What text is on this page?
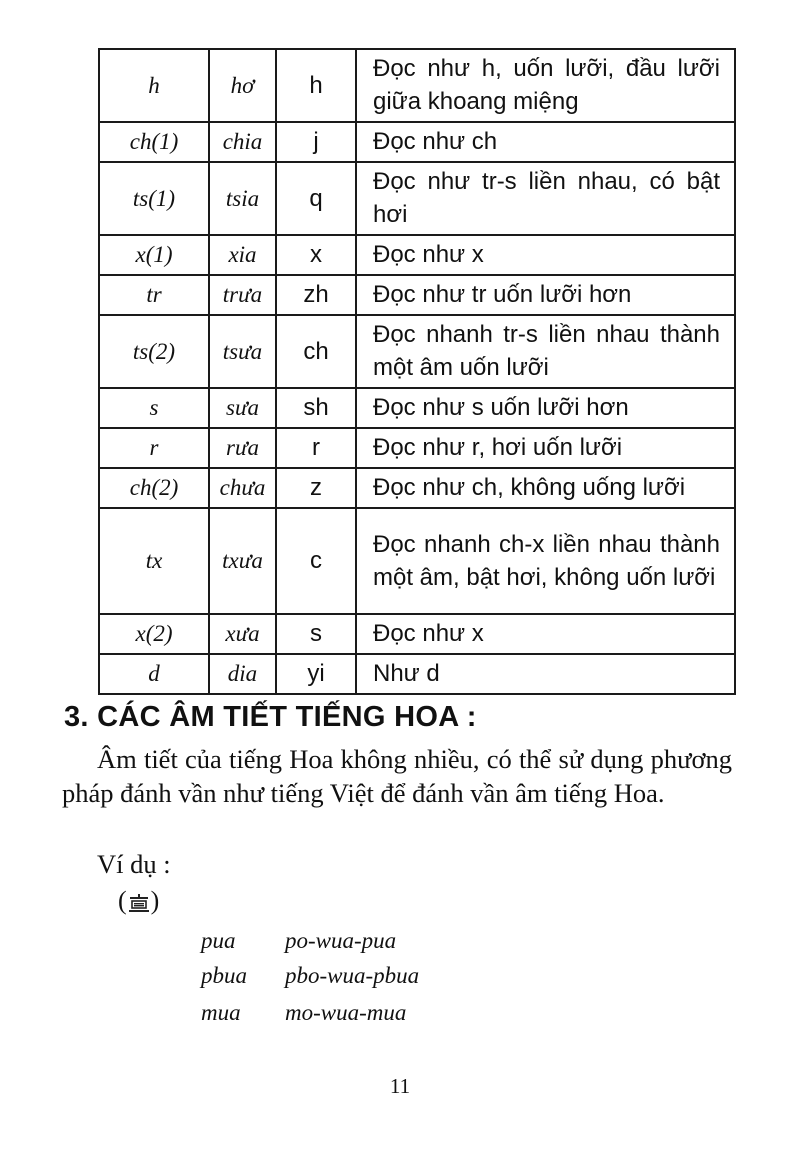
h	hơ	h	Đọc như h, uốn lưỡi, đầu lưỡi giữa khoang miệng
ch(1)	chia	j	Đọc như ch
ts(1)	tsia	q	Đọc như tr-s liền nhau, có bật hơi
x(1)	xia	x	Đọc như x
tr	trưa	zh	Đọc như tr uốn lưỡi hơn
ts(2)	tsưa	ch	Đọc nhanh tr-s liền nhau thành một âm uốn lưỡi
s	sưa	sh	Đọc như s uốn lưỡi hơn
r	rưa	r	Đọc như r, hơi uốn lưỡi
ch(2)	chưa	z	Đọc như ch, không uống lưỡi
tx	txưa	c	Đọc nhanh ch-x liền nhau thành một âm, bật hơi, không uốn lưỡi
x(2)	xưa	s	Đọc như x
d	dia	yi	Như d
3. CÁC ÂM TIẾT TIẾNG HOA :
Âm tiết của tiếng Hoa không nhiều, có thể sử dụng phương pháp đánh vần như tiếng Việt để đánh vần âm tiếng Hoa.
Ví dụ :
( )
pua po-wua-pua
pbua pbo-wua-pbua
mua mo-wua-mua
11
